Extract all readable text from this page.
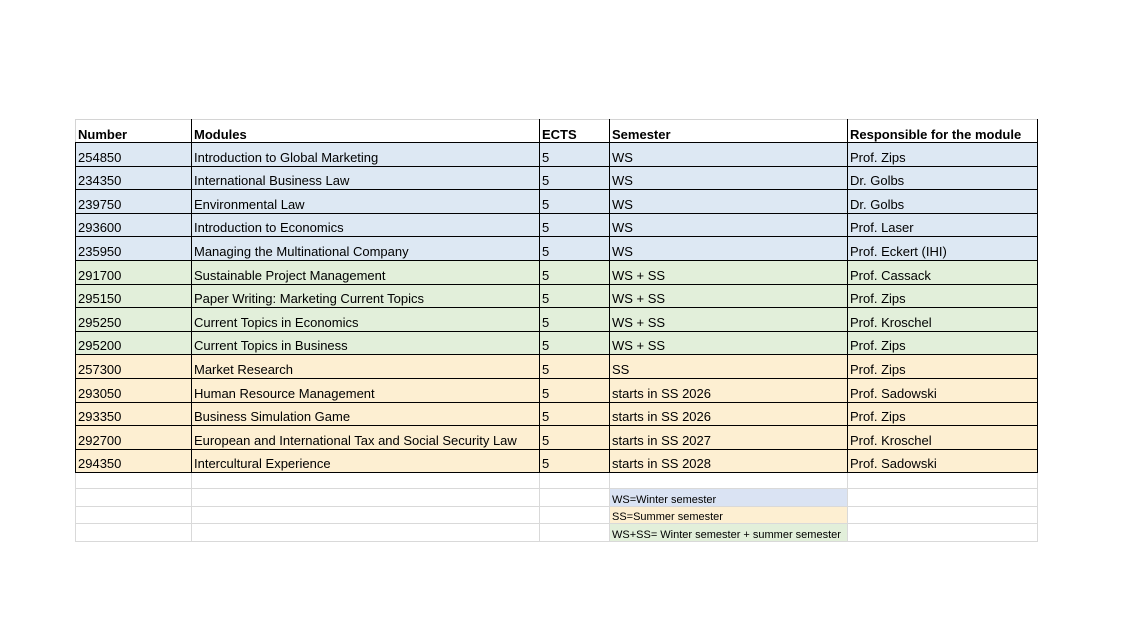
Number	Modules	ECTS	Semester	Responsible for the module
254850	Introduction to Global Marketing	5	WS	Prof. Zips
234350	International Business Law	5	WS	Dr. Golbs
239750	Environmental Law	5	WS	Dr. Golbs
293600	Introduction to Economics	5	WS	Prof. Laser
235950	Managing the Multinational Company	5	WS	Prof. Eckert (IHI)
291700	Sustainable Project Management	5	WS + SS	Prof. Cassack
295150	Paper Writing: Marketing Current Topics	5	WS + SS	Prof. Zips
295250	Current Topics in Economics	5	WS + SS	Prof. Kroschel
295200	Current Topics in Business	5	WS + SS	Prof. Zips
257300	Market Research	5	SS	Prof. Zips
293050	Human Resource Management	5	starts in SS 2026	Prof. Sadowski
293350	Business Simulation Game	5	starts in SS 2026	Prof. Zips
292700	European and International Tax and Social Security Law	5	starts in SS 2027	Prof. Kroschel
294350	Intercultural Experience	5	starts in SS 2028	Prof. Sadowski

			WS=Winter semester	
			SS=Summer semester	
			WS+SS= Winter semester + summer semester	
